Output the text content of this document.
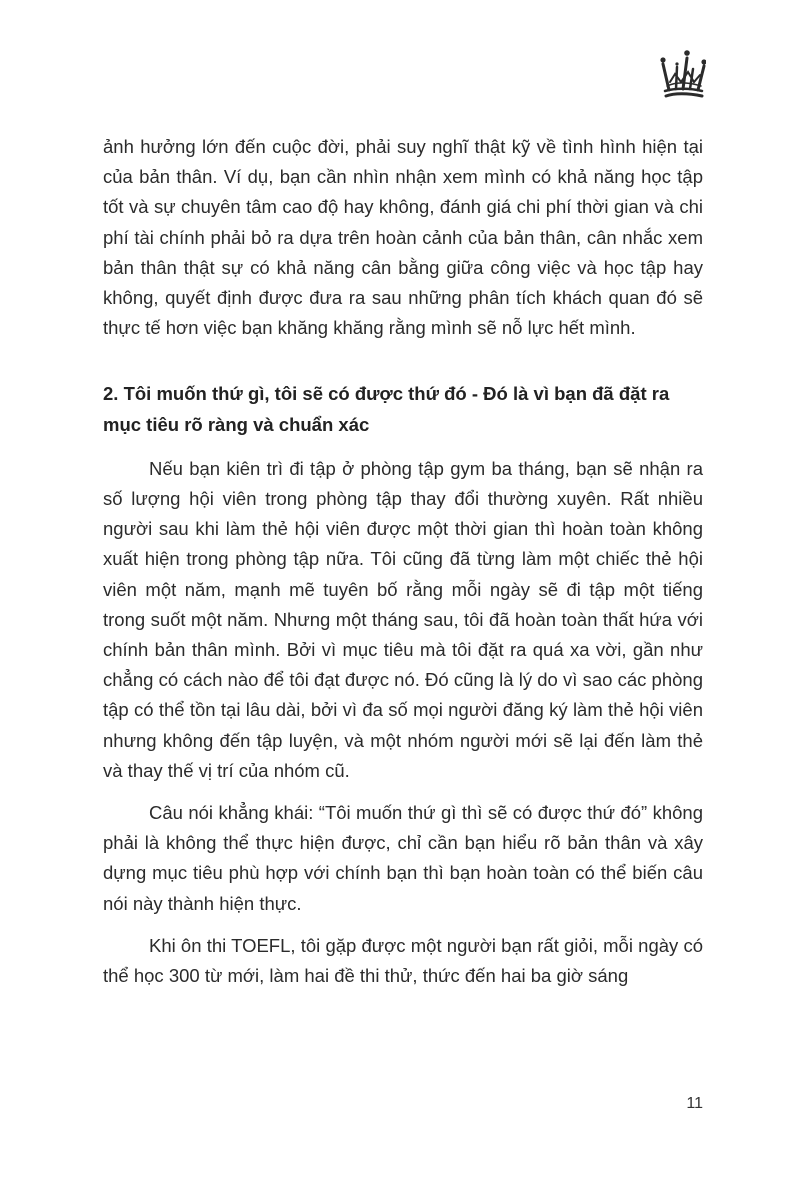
ảnh hưởng lớn đến cuộc đời, phải suy nghĩ thật kỹ về tình hình hiện tại của bản thân. Ví dụ, bạn cần nhìn nhận xem mình có khả năng học tập tốt và sự chuyên tâm cao độ hay không, đánh giá chi phí thời gian và chi phí tài chính phải bỏ ra dựa trên hoàn cảnh của bản thân, cân nhắc xem bản thân thật sự có khả năng cân bằng giữa công việc và học tập hay không, quyết định được đưa ra sau những phân tích khách quan đó sẽ thực tế hơn việc bạn khăng khăng rằng mình sẽ nỗ lực hết mình.

2. Tôi muốn thứ gì, tôi sẽ có được thứ đó - Đó là vì bạn đã đặt ra mục tiêu rõ ràng và chuẩn xác

Nếu bạn kiên trì đi tập ở phòng tập gym ba tháng, bạn sẽ nhận ra số lượng hội viên trong phòng tập thay đổi thường xuyên. Rất nhiều người sau khi làm thẻ hội viên được một thời gian thì hoàn toàn không xuất hiện trong phòng tập nữa. Tôi cũng đã từng làm một chiếc thẻ hội viên một năm, mạnh mẽ tuyên bố rằng mỗi ngày sẽ đi tập một tiếng trong suốt một năm. Nhưng một tháng sau, tôi đã hoàn toàn thất hứa với chính bản thân mình. Bởi vì mục tiêu mà tôi đặt ra quá xa vời, gần như chẳng có cách nào để tôi đạt được nó. Đó cũng là lý do vì sao các phòng tập có thể tồn tại lâu dài, bởi vì đa số mọi người đăng ký làm thẻ hội viên nhưng không đến tập luyện, và một nhóm người mới sẽ lại đến làm thẻ và thay thế vị trí của nhóm cũ.

Câu nói khẳng khái: “Tôi muốn thứ gì thì sẽ có được thứ đó” không phải là không thể thực hiện được, chỉ cần bạn hiểu rõ bản thân và xây dựng mục tiêu phù hợp với chính bạn thì bạn hoàn toàn có thể biến câu nói này thành hiện thực.

Khi ôn thi TOEFL, tôi gặp được một người bạn rất giỏi, mỗi ngày có thể học 300 từ mới, làm hai đề thi thử, thức đến hai ba giờ sáng

11
